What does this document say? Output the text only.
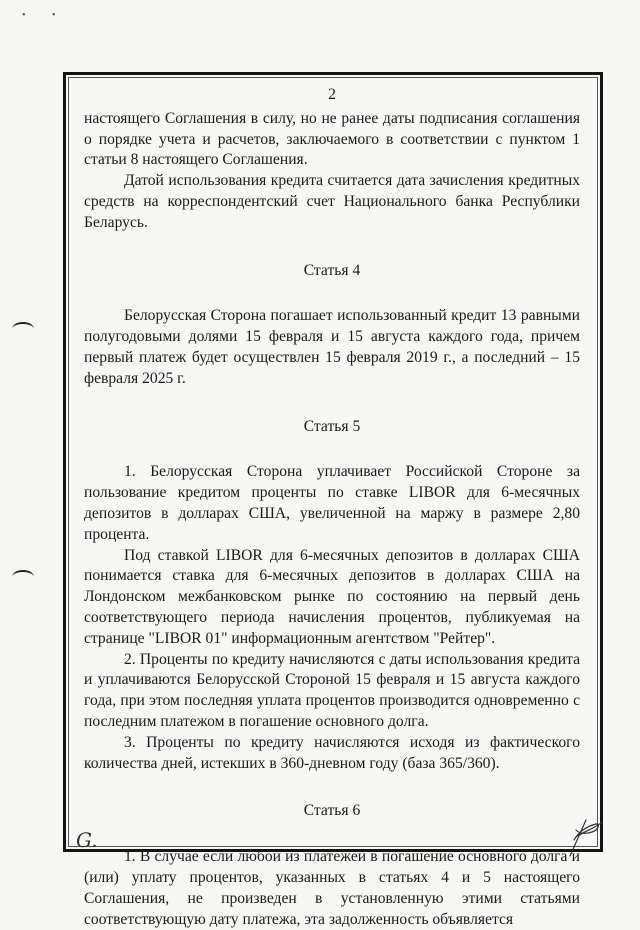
•	•
2

настоящего Соглашения в силу, но не ранее даты подписания соглашения о порядке учета и расчетов, заключаемого в соответствии с пунктом 1 статьи 8 настоящего Соглашения.

Датой использования кредита считается дата зачисления кредитных средств на корреспондентский счет Национального банка Республики Беларусь.

Статья 4

Белорусская Сторона погашает использованный кредит 13 равными полугодовыми долями 15 февраля и 15 августа каждого года, причем первый платеж будет осуществлен 15 февраля 2019 г., а последний – 15 февраля 2025 г.

Статья 5

1. Белорусская Сторона уплачивает Российской Стороне за пользование кредитом проценты по ставке LIBOR для 6-месячных депозитов в долларах США, увеличенной на маржу в размере 2,80 процента.

Под ставкой LIBOR для 6-месячных депозитов в долларах США понимается ставка для 6-месячных депозитов в долларах США на Лондонском межбанковском рынке по состоянию на первый день соответствующего периода начисления процентов, публикуемая на странице "LIBOR 01" информационным агентством "Рейтер".

2. Проценты по кредиту начисляются с даты использования кредита и уплачиваются Белорусской Стороной 15 февраля и 15 августа каждого года, при этом последняя уплата процентов производится одновременно с последним платежом в погашение основного долга.

3. Проценты по кредиту начисляются исходя из фактического количества дней, истекших в 360-дневном году (база 365/360).

Статья 6

1. В случае если любой из платежей в погашение основного долга и (или) уплату процентов, указанных в статьях 4 и 5 настоящего Соглашения, не произведен в установленную этими статьями соответствующую дату платежа, эта задолженность объявляется

G.
